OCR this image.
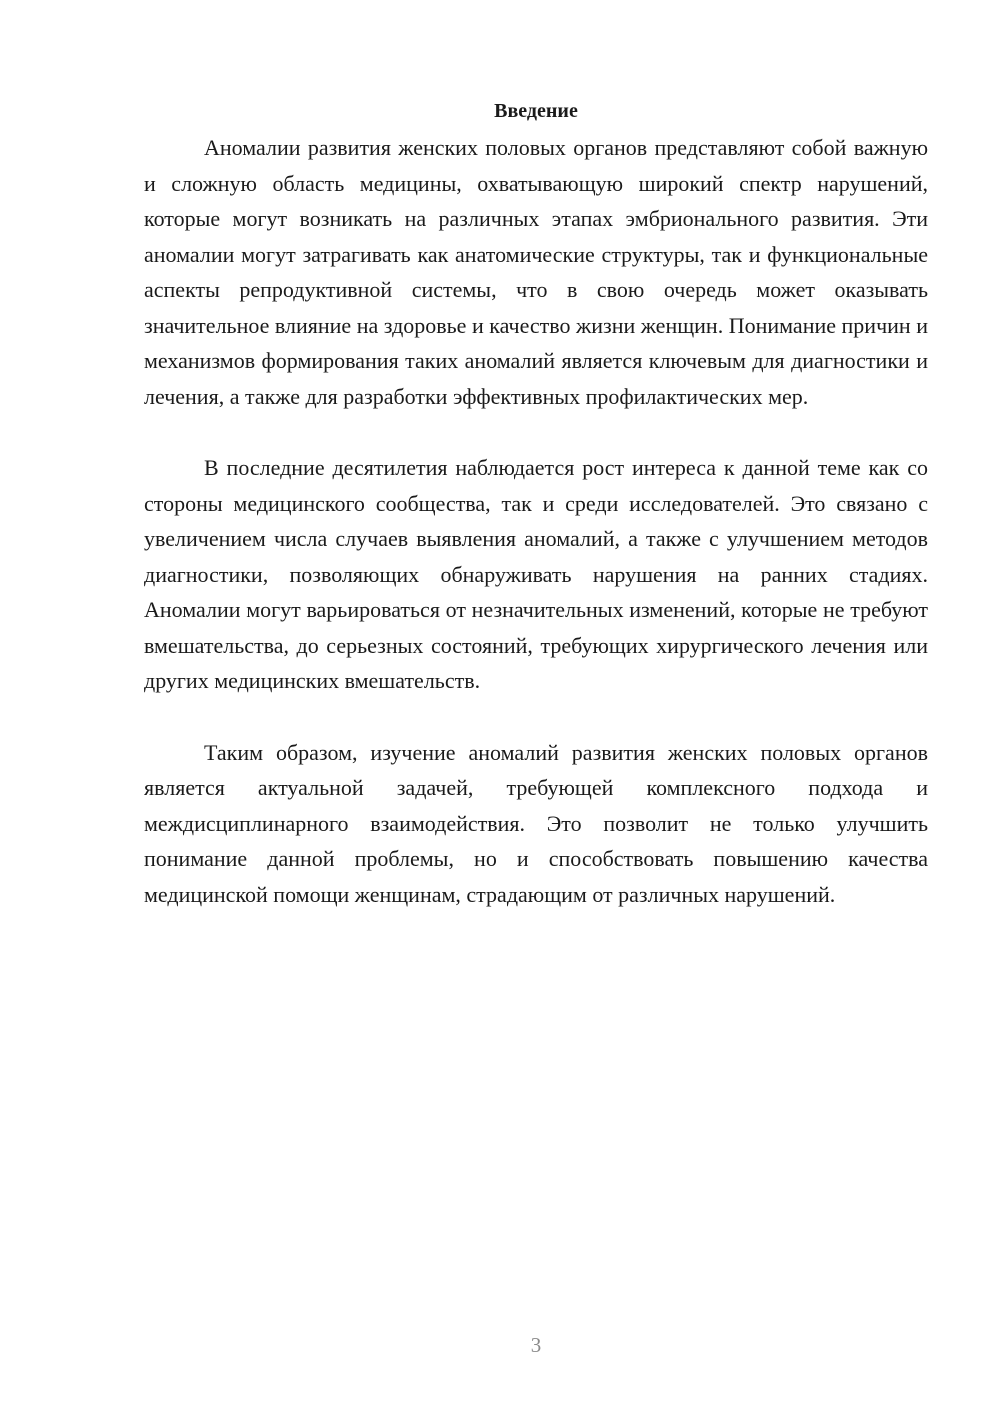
Введение

Аномалии развития женских половых органов представляют собой важную и сложную область медицины, охватывающую широкий спектр нарушений, которые могут возникать на различных этапах эмбрионального развития. Эти аномалии могут затрагивать как анатомические структуры, так и функциональные аспекты репродуктивной системы, что в свою очередь может оказывать значительное влияние на здоровье и качество жизни женщин. Понимание причин и механизмов формирования таких аномалий является ключевым для диагностики и лечения, а также для разработки эффективных профилактических мер.

В последние десятилетия наблюдается рост интереса к данной теме как со стороны медицинского сообщества, так и среди исследователей. Это связано с увеличением числа случаев выявления аномалий, а также с улучшением методов диагностики, позволяющих обнаруживать нарушения на ранних стадиях. Аномалии могут варьироваться от незначительных изменений, которые не требуют вмешательства, до серьезных состояний, требующих хирургического лечения или других медицинских вмешательств.

Таким образом, изучение аномалий развития женских половых органов является актуальной задачей, требующей комплексного подхода и междисциплинарного взаимодействия. Это позволит не только улучшить понимание данной проблемы, но и способствовать повышению качества медицинской помощи женщинам, страдающим от различных нарушений.

3
